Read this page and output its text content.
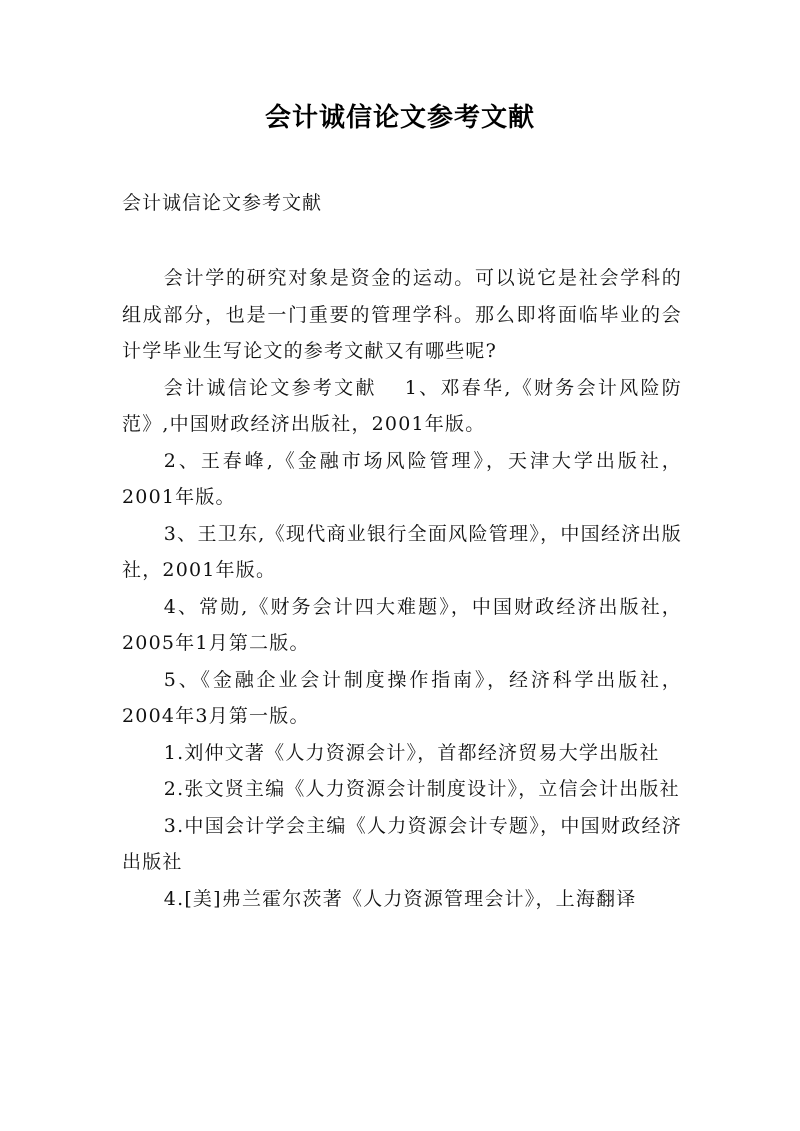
会计诚信论文参考文献
会计诚信论文参考文献

会计学的研究对象是资金的运动。可以说它是社会学科的组成部分，也是一门重要的管理学科。那么即将面临毕业的会计学毕业生写论文的参考文献又有哪些呢?

会计诚信论文参考文献 1、邓春华,《财务会计风险防范》,中国财政经济出版社，2001年版。

2、王春峰,《金融市场风险管理》，天津大学出版社，2001年版。

3、王卫东,《现代商业银行全面风险管理》，中国经济出版社，2001年版。

4、常勋,《财务会计四大难题》，中国财政经济出版社，2005年1月第二版。

5、《金融企业会计制度操作指南》，经济科学出版社，2004年3月第一版。

1.刘仲文著《人力资源会计》，首都经济贸易大学出版社

2.张文贤主编《人力资源会计制度设计》，立信会计出版社

3.中国会计学会主编《人力资源会计专题》，中国财政经济出版社

4.[美]弗兰霍尔茨著《人力资源管理会计》，上海翻译
